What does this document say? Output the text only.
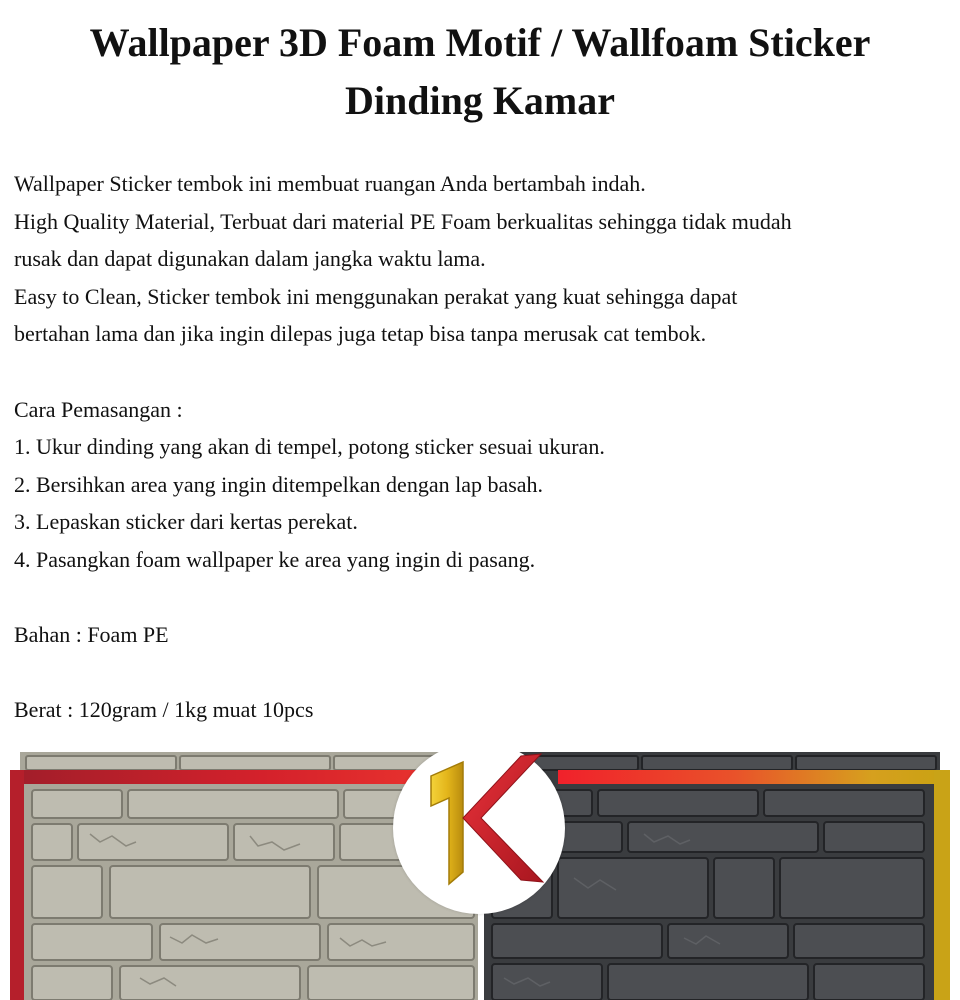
Wallpaper 3D Foam Motif / Wallfoam Sticker Dinding Kamar
Wallpaper Sticker tembok ini membuat ruangan Anda bertambah indah.
High Quality Material, Terbuat dari material PE Foam berkualitas sehingga tidak mudah
rusak dan dapat digunakan dalam jangka waktu lama.
Easy to Clean, Sticker tembok ini menggunakan perakat yang kuat sehingga dapat
bertahan lama dan jika ingin dilepas juga tetap bisa tanpa merusak cat tembok.
Cara Pemasangan :
1. Ukur dinding yang akan di tempel, potong sticker sesuai ukuran.
2. Bersihkan area yang ingin ditempelkan dengan lap basah.
3. Lepaskan sticker dari kertas perekat.
4. Pasangkan foam wallpaper ke area yang ingin di pasang.
Bahan : Foam PE
Berat : 120gram / 1kg muat 10pcs
